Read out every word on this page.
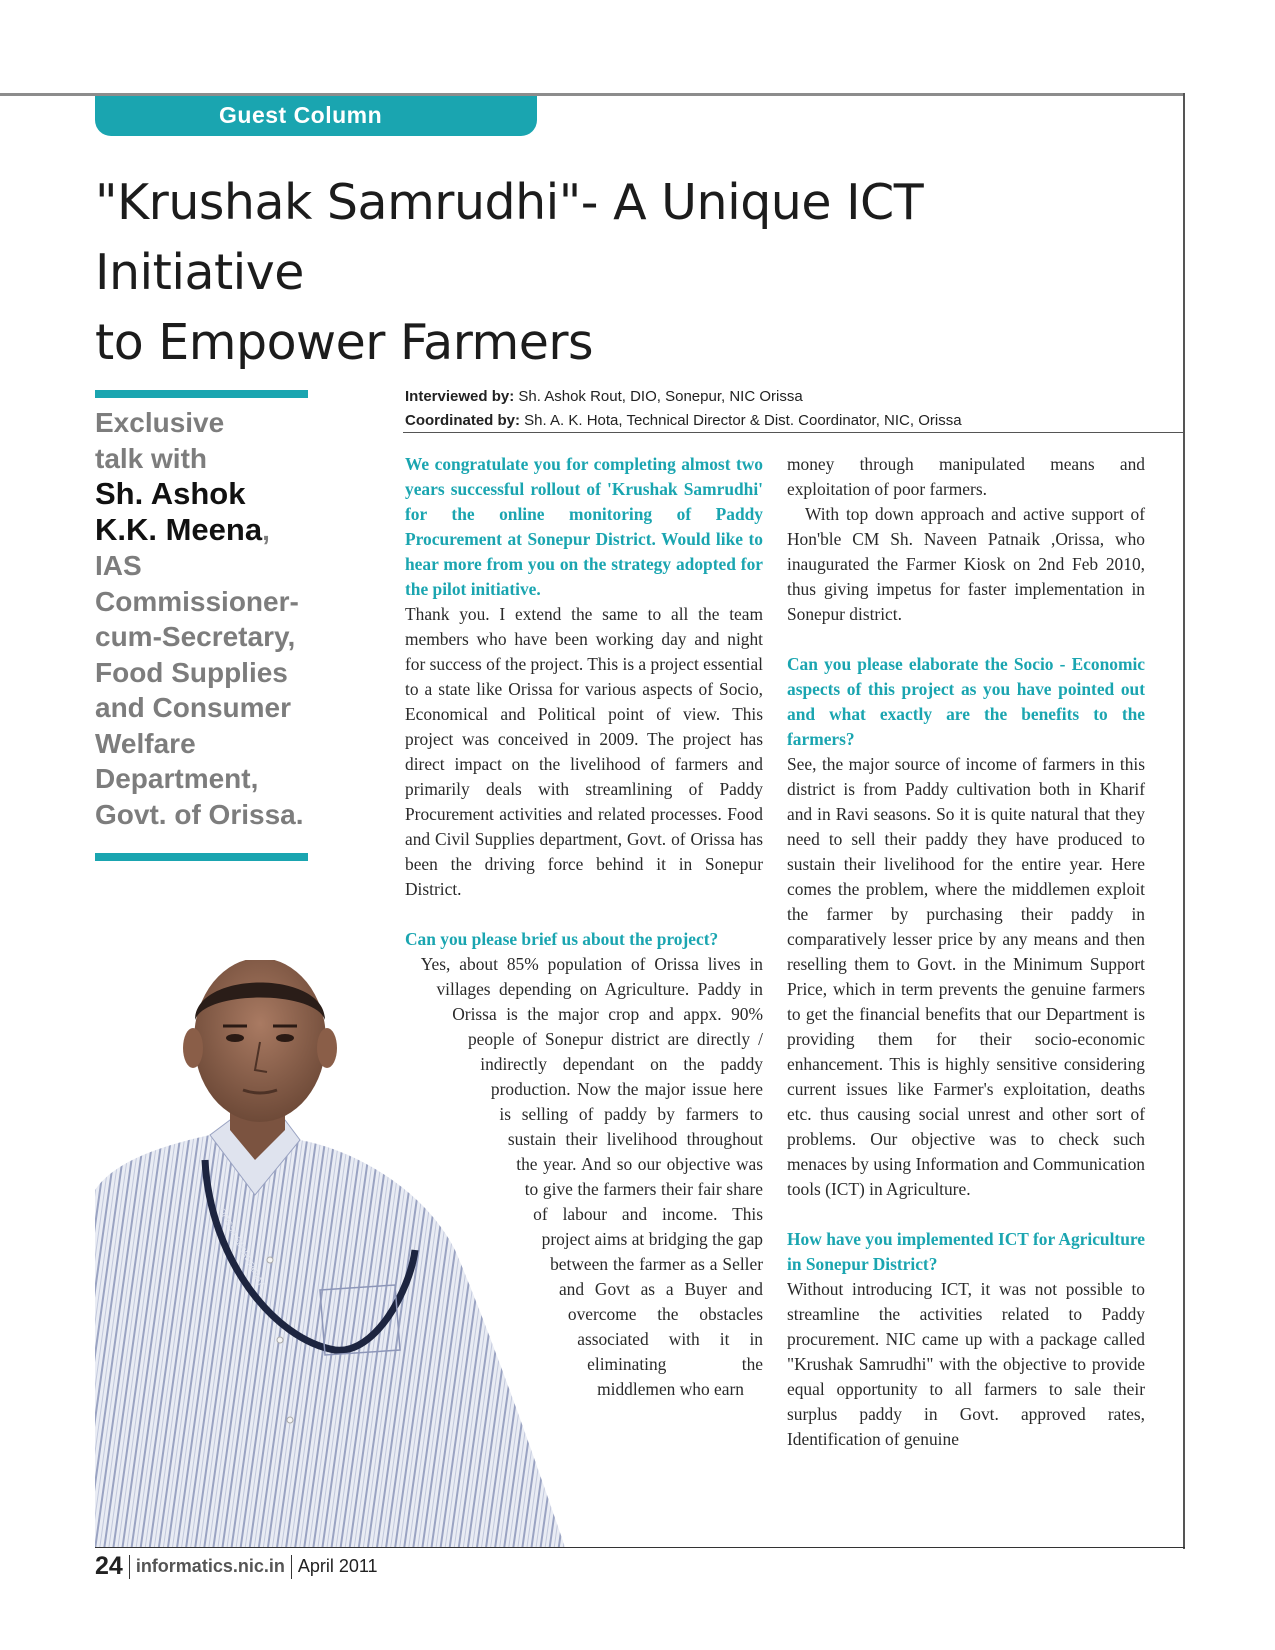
Guest Column
"Krushak Samrudhi"- A Unique ICT Initiative
to Empower Farmers
Exclusive
talk with
Sh. Ashok
K.K. Meena,
IAS
Commissioner-
cum-Secretary,
Food Supplies
and Consumer
Welfare
Department,
Govt. of Orissa.
Interviewed by: Sh. Ashok Rout, DIO, Sonepur, NIC Orissa
Coordinated by: Sh. A. K. Hota, Technical Director & Dist. Coordinator, NIC, Orissa

We congratulate you for completing almost two years successful rollout of 'Krushak Samrudhi' for the online monitoring of Paddy Procurement at Sonepur District. Would like to hear more from you on the strategy adopted for the pilot initiative.

Thank you. I extend the same to all the team members who have been working day and night for success of the project. This is a project essential to a state like Orissa for various aspects of Socio, Economical and Political point of view. This project was conceived in 2009. The project has direct impact on the livelihood of farmers and primarily deals with streamlining of Paddy Procurement activities and related processes. Food and Civil Supplies department, Govt. of Orissa has been the driving force behind it in Sonepur District.

Can you please brief us about the project?

Yes, about 85% population of Orissa lives in villages depending on Agriculture. Paddy in Orissa is the major crop and appx. 90% people of Sonepur district are directly / indirectly dependant on the paddy production. Now the major issue here is selling of paddy by farmers to sustain their livelihood throughout the year. And so our objective was to give the farmers their fair share of labour and income. This project aims at bridging the gap between the farmer as a Seller and Govt as a Buyer and overcome the obstacles associated with it in eliminating the middlemen who earn

money through manipulated means and exploitation of poor farmers.

With top down approach and active support of Hon'ble CM Sh. Naveen Patnaik ,Orissa, who inaugurated the Farmer Kiosk on 2nd Feb 2010, thus giving impetus for faster implementation in Sonepur district.

Can you please elaborate the Socio - Economic aspects of this project as you have pointed out and what exactly are the benefits to the farmers?

See, the major source of income of farmers in this district is from Paddy cultivation both in Kharif and in Ravi seasons. So it is quite natural that they need to sell their paddy they have produced to sustain their livelihood for the entire year. Here comes the problem, where the middlemen exploit the farmer by purchasing their paddy in comparatively lesser price by any means and then reselling them to Govt. in the Minimum Support Price, which in term prevents the genuine farmers to get the financial benefits that our Department is providing them for their socio-economic enhancement. This is highly sensitive considering current issues like Farmer's exploitation, deaths etc. thus causing social unrest and other sort of problems. Our objective was to check such menaces by using Information and Communication tools (ICT) in Agriculture.

How have you implemented ICT for Agriculture in Sonepur District?

Without introducing ICT, it was not possible to streamline the activities related to Paddy procurement. NIC came up with a package called "Krushak Samrudhi" with the objective to provide equal opportunity to all farmers to sale their surplus paddy in Govt. approved rates, Identification of genuine

ORISSA SECRETARIAT
24 informatics.nic.in April 2011
